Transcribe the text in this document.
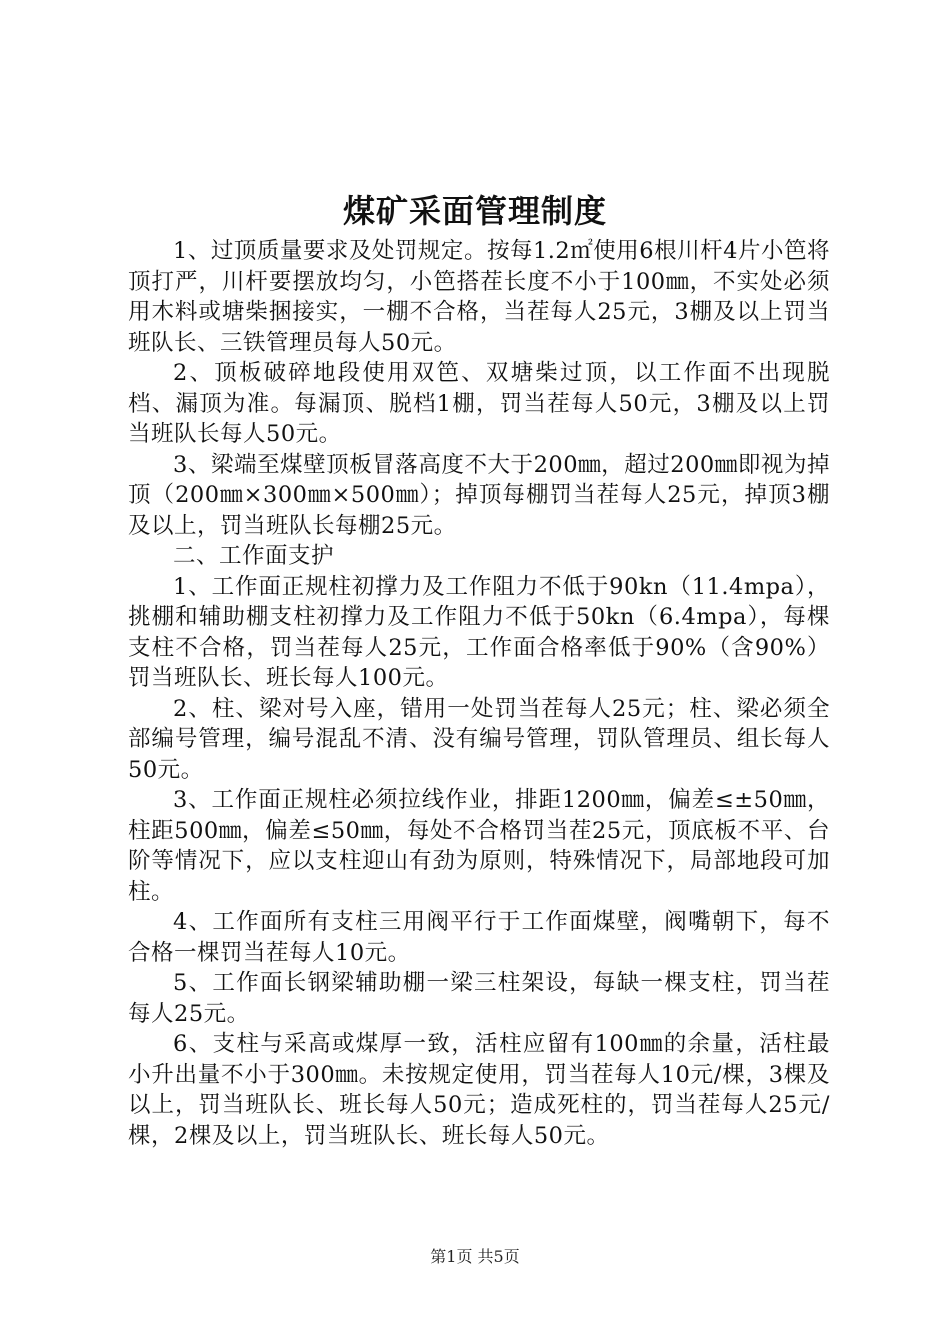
煤矿采面管理制度

1、过顶质量要求及处罚规定。按每1.2㎡使用6根川杆4片小笆将顶打严，川杆要摆放均匀，小笆搭茬长度不小于100㎜，不实处必须用木料或塘柴捆接实，一棚不合格，当茬每人25元，3棚及以上罚当班队长、三铁管理员每人50元。

2、顶板破碎地段使用双笆、双塘柴过顶，以工作面不出现脱档、漏顶为准。每漏顶、脱档1棚，罚当茬每人50元，3棚及以上罚当班队长每人50元。

3、梁端至煤壁顶板冒落高度不大于200㎜，超过200㎜即视为掉顶（200㎜×300㎜×500㎜）；掉顶每棚罚当茬每人25元，掉顶3棚及以上，罚当班队长每棚25元。

二、工作面支护

1、工作面正规柱初撑力及工作阻力不低于90kn（11.4mpa），挑棚和辅助棚支柱初撑力及工作阻力不低于50kn（6.4mpa），每棵支柱不合格，罚当茬每人25元，工作面合格率低于90%（含90%）罚当班队长、班长每人100元。

2、柱、梁对号入座，错用一处罚当茬每人25元；柱、梁必须全部编号管理，编号混乱不清、没有编号管理，罚队管理员、组长每人50元。

3、工作面正规柱必须拉线作业，排距1200㎜，偏差≤±50㎜，柱距500㎜，偏差≤50㎜，每处不合格罚当茬25元，顶底板不平、台阶等情况下，应以支柱迎山有劲为原则，特殊情况下，局部地段可加柱。

4、工作面所有支柱三用阀平行于工作面煤壁，阀嘴朝下，每不合格一棵罚当茬每人10元。

5、工作面长钢梁辅助棚一梁三柱架设，每缺一棵支柱，罚当茬每人25元。

6、支柱与采高或煤厚一致，活柱应留有100㎜的余量，活柱最小升出量不小于300㎜。未按规定使用，罚当茬每人10元/棵，3棵及以上，罚当班队长、班长每人50元；造成死柱的，罚当茬每人25元/棵，2棵及以上，罚当班队长、班长每人50元。

第1页 共5页
